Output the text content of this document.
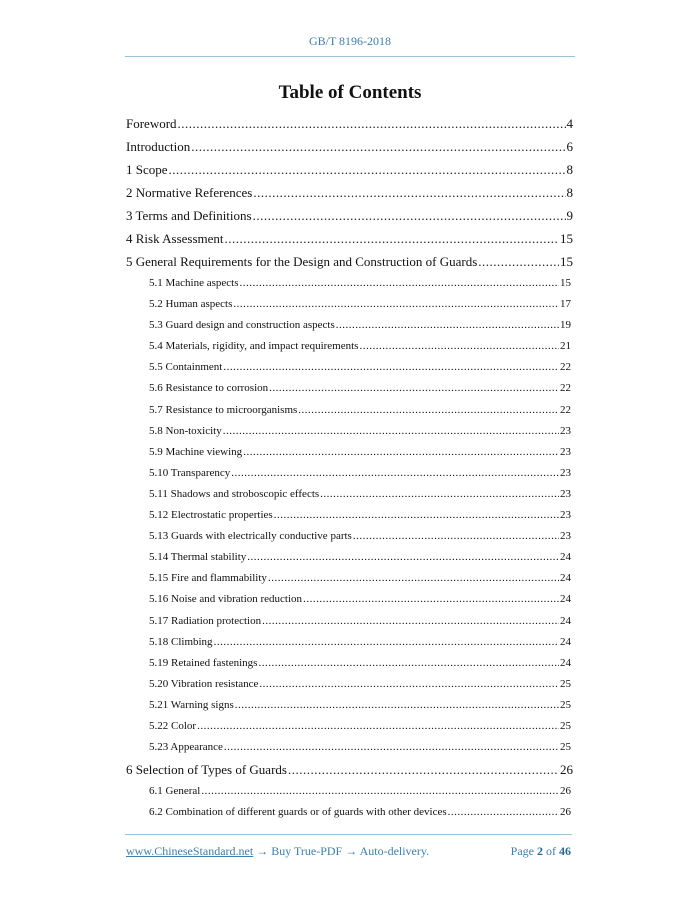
GB/T 8196-2018
Table of Contents
Foreword .....	4
Introduction .....	6
1 Scope .....	8
2 Normative References .....	8
3 Terms and Definitions .....	9
4 Risk Assessment .....	15
5 General Requirements for the Design and Construction of Guards .....	15
5.1 Machine aspects .....	15
5.2 Human aspects .....	17
5.3 Guard design and construction aspects .....	19
5.4 Materials, rigidity, and impact requirements .....	21
5.5 Containment .....	22
5.6 Resistance to corrosion .....	22
5.7 Resistance to microorganisms .....	22
5.8 Non-toxicity .....	23
5.9 Machine viewing .....	23
5.10 Transparency .....	23
5.11 Shadows and stroboscopic effects .....	23
5.12 Electrostatic properties .....	23
5.13 Guards with electrically conductive parts .....	23
5.14 Thermal stability .....	24
5.15 Fire and flammability .....	24
5.16 Noise and vibration reduction .....	24
5.17 Radiation protection .....	24
5.18 Climbing .....	24
5.19 Retained fastenings .....	24
5.20 Vibration resistance .....	25
5.21 Warning signs .....	25
5.22 Color .....	25
5.23 Appearance .....	25
6 Selection of Types of Guards .....	26
6.1 General .....	26
6.2 Combination of different guards or of guards with other devices .....	26
www.ChineseStandard.net → Buy True-PDF → Auto-delivery.	Page 2 of 46
